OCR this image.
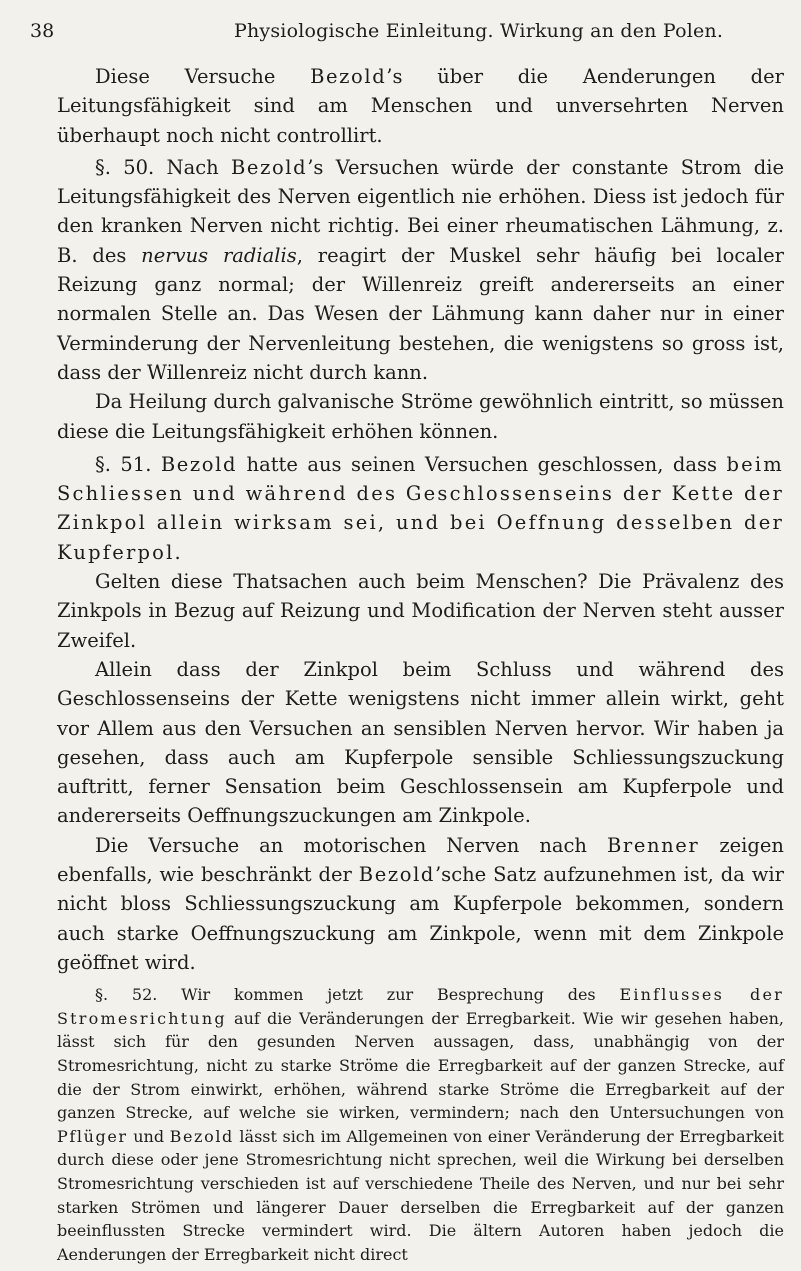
38	Physiologische Einleitung. Wirkung an den Polen.

Diese Versuche Bezold’s über die Aenderungen der Leitungsfähigkeit sind am Menschen und unversehrten Nerven überhaupt noch nicht controllirt.

§. 50. Nach Bezold’s Versuchen würde der constante Strom die Leitungsfähigkeit des Nerven eigentlich nie erhöhen. Diess ist jedoch für den kranken Nerven nicht richtig. Bei einer rheumatischen Lähmung, z. B. des nervus radialis, reagirt der Muskel sehr häufig bei localer Reizung ganz normal; der Willenreiz greift andererseits an einer normalen Stelle an. Das Wesen der Lähmung kann daher nur in einer Verminderung der Nervenleitung bestehen, die wenigstens so gross ist, dass der Willenreiz nicht durch kann.

Da Heilung durch galvanische Ströme gewöhnlich eintritt, so müssen diese die Leitungsfähigkeit erhöhen können.

§. 51. Bezold hatte aus seinen Versuchen geschlossen, dass beim Schliessen und während des Geschlossenseins der Kette der Zinkpol allein wirksam sei, und bei Oeffnung desselben der Kupferpol.

Gelten diese Thatsachen auch beim Menschen? Die Prävalenz des Zinkpols in Bezug auf Reizung und Modification der Nerven steht ausser Zweifel.

Allein dass der Zinkpol beim Schluss und während des Geschlossenseins der Kette wenigstens nicht immer allein wirkt, geht vor Allem aus den Versuchen an sensiblen Nerven hervor. Wir haben ja gesehen, dass auch am Kupferpole sensible Schliessungszuckung auftritt, ferner Sensation beim Geschlossensein am Kupferpole und andererseits Oeffnungszuckungen am Zinkpole.

Die Versuche an motorischen Nerven nach Brenner zeigen ebenfalls, wie beschränkt der Bezold’sche Satz aufzunehmen ist, da wir nicht bloss Schliessungszuckung am Kupferpole bekommen, sondern auch starke Oeffnungszuckung am Zinkpole, wenn mit dem Zinkpole geöffnet wird.

§. 52. Wir kommen jetzt zur Besprechung des Einflusses der Stromesrichtung auf die Veränderungen der Erregbarkeit. Wie wir gesehen haben, lässt sich für den gesunden Nerven aussagen, dass, unabhängig von der Stromesrichtung, nicht zu starke Ströme die Erregbarkeit auf der ganzen Strecke, auf die der Strom einwirkt, erhöhen, während starke Ströme die Erregbarkeit auf der ganzen Strecke, auf welche sie wirken, vermindern; nach den Untersuchungen von Pflüger und Bezold lässt sich im Allgemeinen von einer Veränderung der Erregbarkeit durch diese oder jene Stromesrichtung nicht sprechen, weil die Wirkung bei derselben Stromesrichtung verschieden ist auf verschiedene Theile des Nerven, und nur bei sehr starken Strömen und längerer Dauer derselben die Erregbarkeit auf der ganzen beeinflussten Strecke vermindert wird. Die ältern Autoren haben jedoch die Aenderungen der Erregbarkeit nicht direct
